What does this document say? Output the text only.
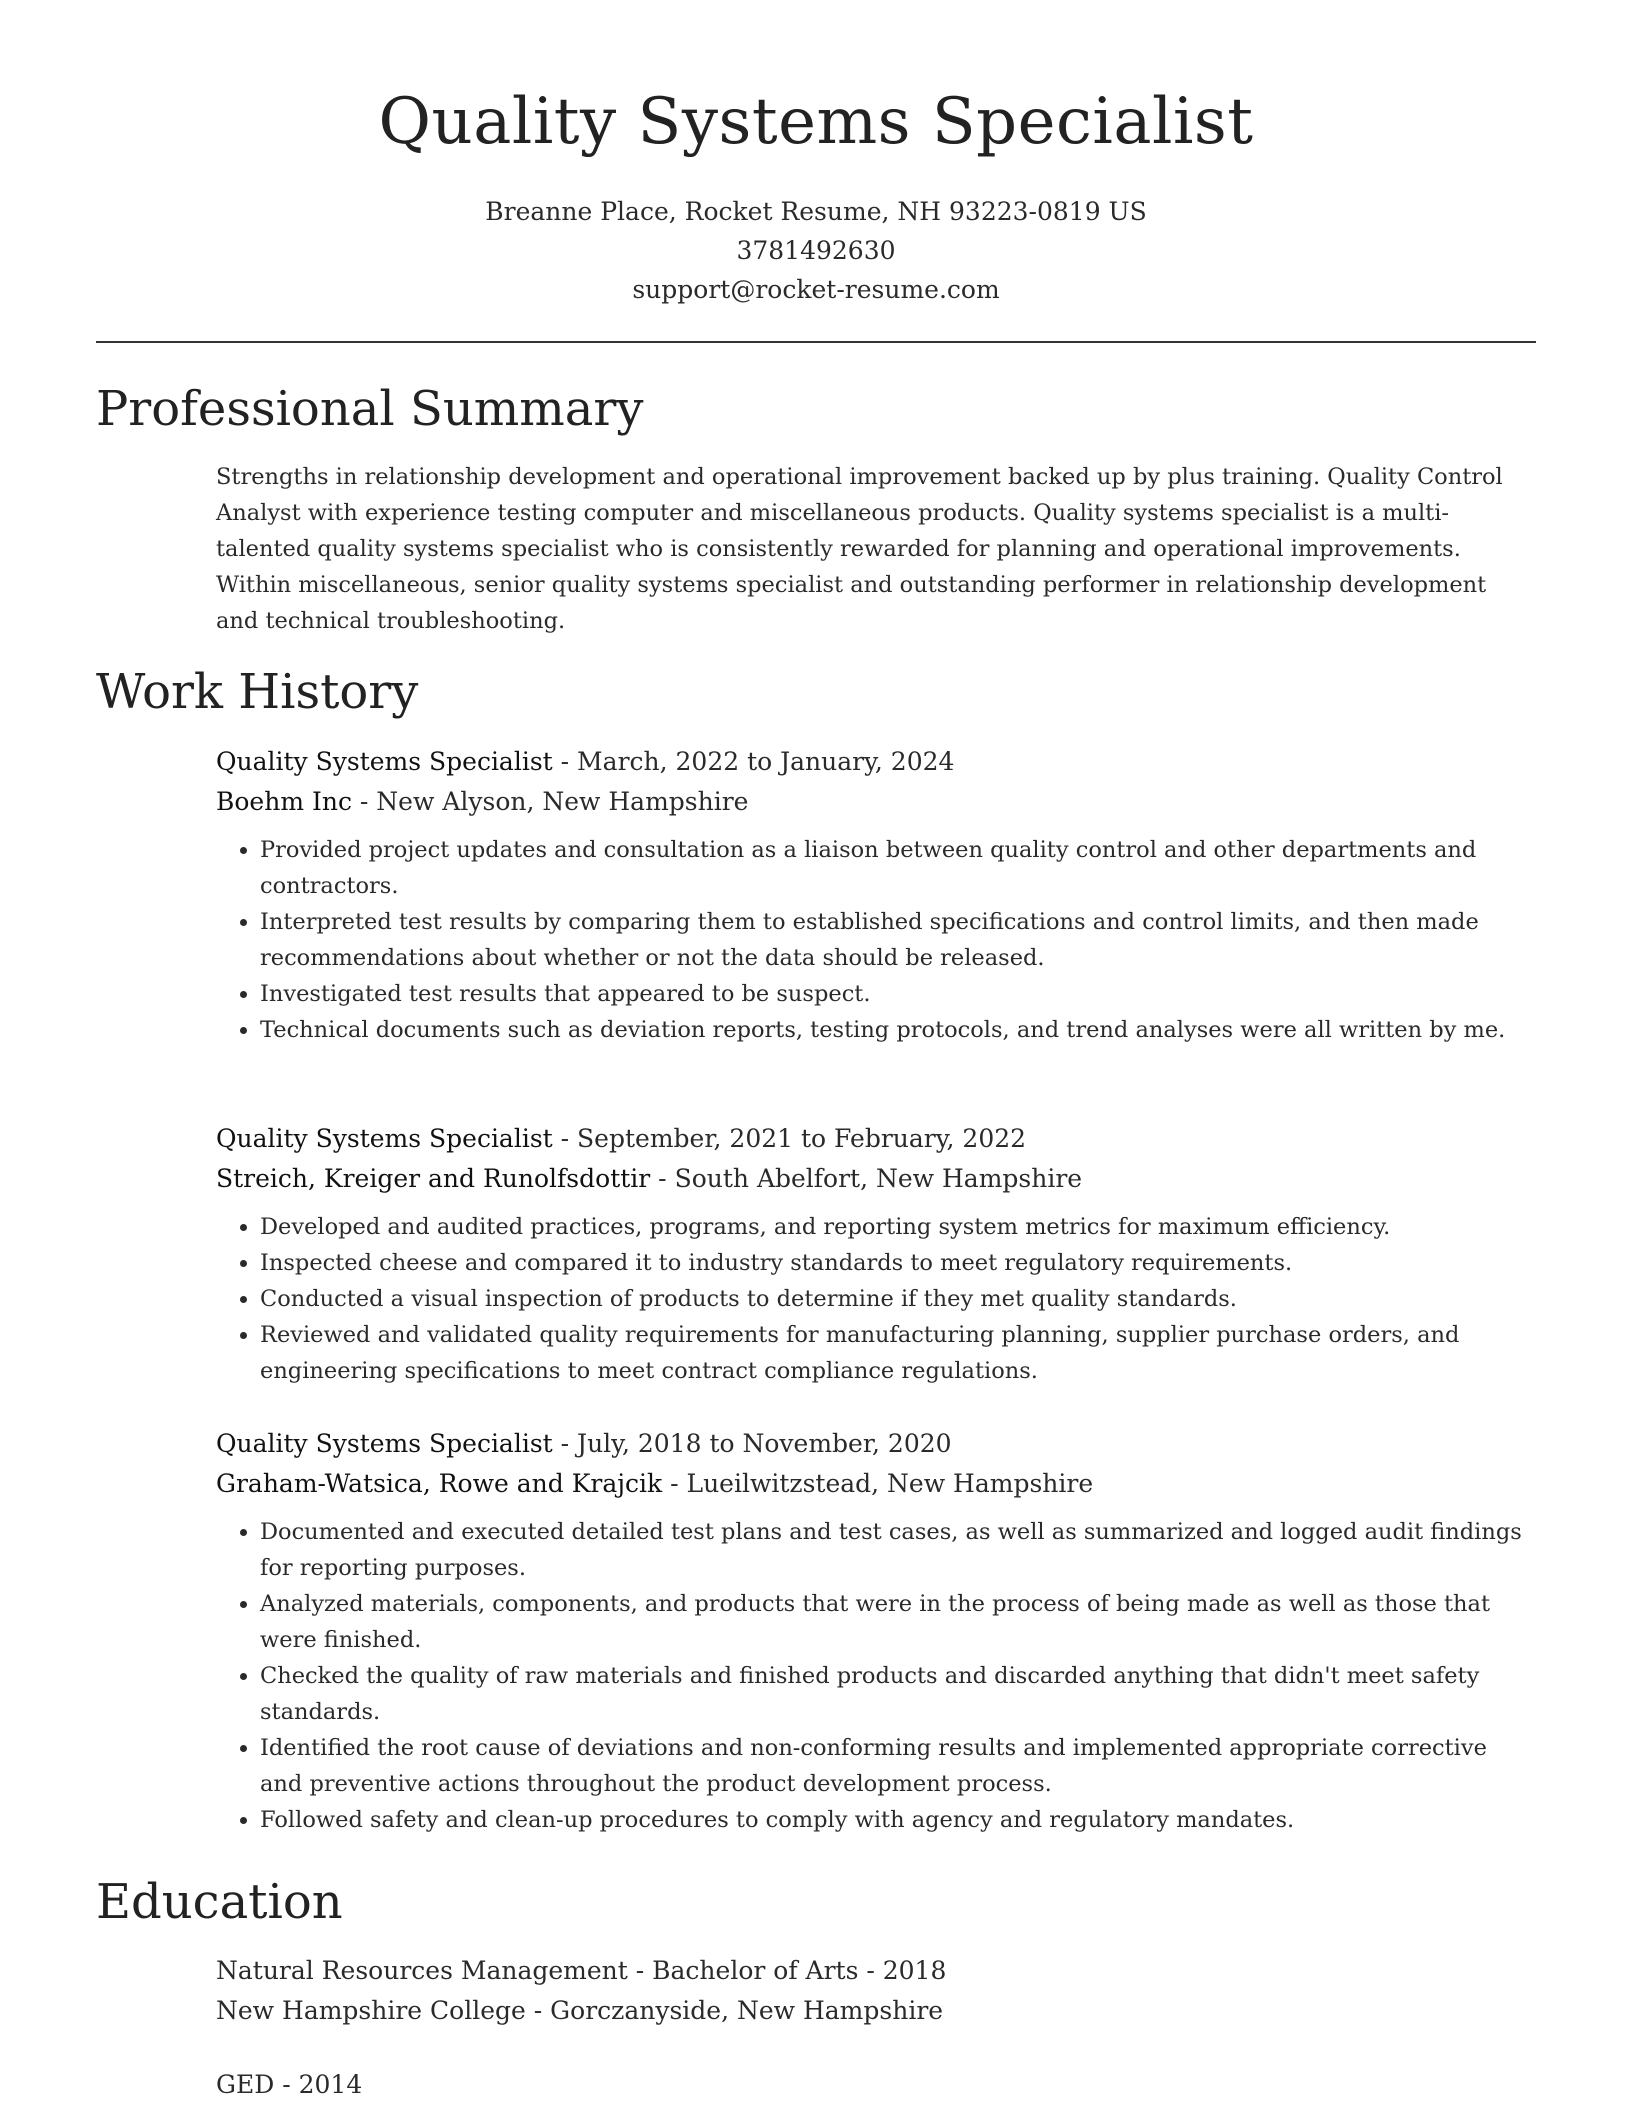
Quality Systems Specialist
Breanne Place, Rocket Resume, NH 93223-0819 US
3781492630
support@rocket-resume.com
Professional Summary
Strengths in relationship development and operational improvement backed up by plus training. Quality Control Analyst with experience testing computer and miscellaneous products. Quality systems specialist is a multi-talented quality systems specialist who is consistently rewarded for planning and operational improvements. Within miscellaneous, senior quality systems specialist and outstanding performer in relationship development and technical troubleshooting.
Work History
Quality Systems Specialist - March, 2022 to January, 2024
Boehm Inc - New Alyson, New Hampshire
• Provided project updates and consultation as a liaison between quality control and other departments and contractors.
• Interpreted test results by comparing them to established specifications and control limits, and then made recommendations about whether or not the data should be released.
• Investigated test results that appeared to be suspect.
• Technical documents such as deviation reports, testing protocols, and trend analyses were all written by me.
Quality Systems Specialist - September, 2021 to February, 2022
Streich, Kreiger and Runolfsdottir - South Abelfort, New Hampshire
• Developed and audited practices, programs, and reporting system metrics for maximum efficiency.
• Inspected cheese and compared it to industry standards to meet regulatory requirements.
• Conducted a visual inspection of products to determine if they met quality standards.
• Reviewed and validated quality requirements for manufacturing planning, supplier purchase orders, and engineering specifications to meet contract compliance regulations.
Quality Systems Specialist - July, 2018 to November, 2020
Graham-Watsica, Rowe and Krajcik - Lueilwitzstead, New Hampshire
• Documented and executed detailed test plans and test cases, as well as summarized and logged audit findings for reporting purposes.
• Analyzed materials, components, and products that were in the process of being made as well as those that were finished.
• Checked the quality of raw materials and finished products and discarded anything that didn't meet safety standards.
• Identified the root cause of deviations and non-conforming results and implemented appropriate corrective and preventive actions throughout the product development process.
• Followed safety and clean-up procedures to comply with agency and regulatory mandates.
Education
Natural Resources Management - Bachelor of Arts - 2018
New Hampshire College - Gorczanyside, New Hampshire
GED - 2014
